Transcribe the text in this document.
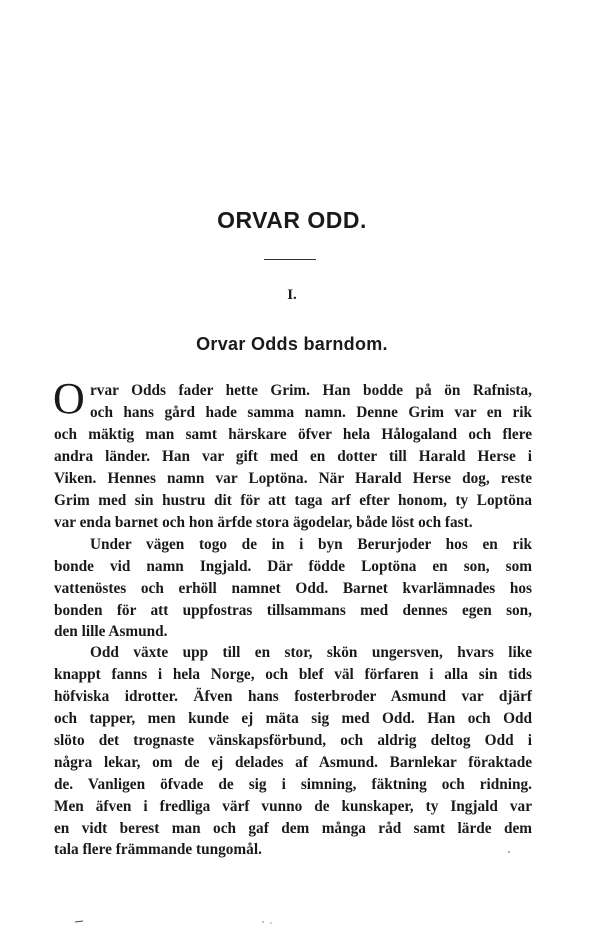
ORVAR ODD.
I.
Orvar Odds barndom.
O rvar Odds fader hette Grim. Han bodde på ön Rafnista,
och hans gård hade samma namn. Denne Grim var en rik
och mäktig man samt härskare öfver hela Hålogaland och flere
andra länder. Han var gift med en dotter till Harald Herse i
Viken. Hennes namn var Loptöna. När Harald Herse dog, reste
Grim med sin hustru dit för att taga arf efter honom, ty Loptöna
var enda barnet och hon ärfde stora ägodelar, både löst och fast.
Under vägen togo de in i byn Berurjoder hos en rik
bonde vid namn Ingjald. Där födde Loptöna en son, som
vattenöstes och erhöll namnet Odd. Barnet kvarlämnades hos
bonden för att uppfostras tillsammans med dennes egen son,
den lille Asmund.
Odd växte upp till en stor, skön ungersven, hvars like
knappt fanns i hela Norge, och blef väl förfaren i alla sin tids
höfviska idrotter. Äfven hans fosterbroder Asmund var djärf
och tapper, men kunde ej mäta sig med Odd. Han och Odd
slöto det trognaste vänskapsförbund, och aldrig deltog Odd i
några lekar, om de ej delades af Asmund. Barnlekar föraktade
de. Vanligen öfvade de sig i simning, fäktning och ridning.
Men äfven i fredliga värf vunno de kunskaper, ty Ingjald var
en vidt berest man och gaf dem många råd samt lärde dem
tala flere främmande tungomål.
